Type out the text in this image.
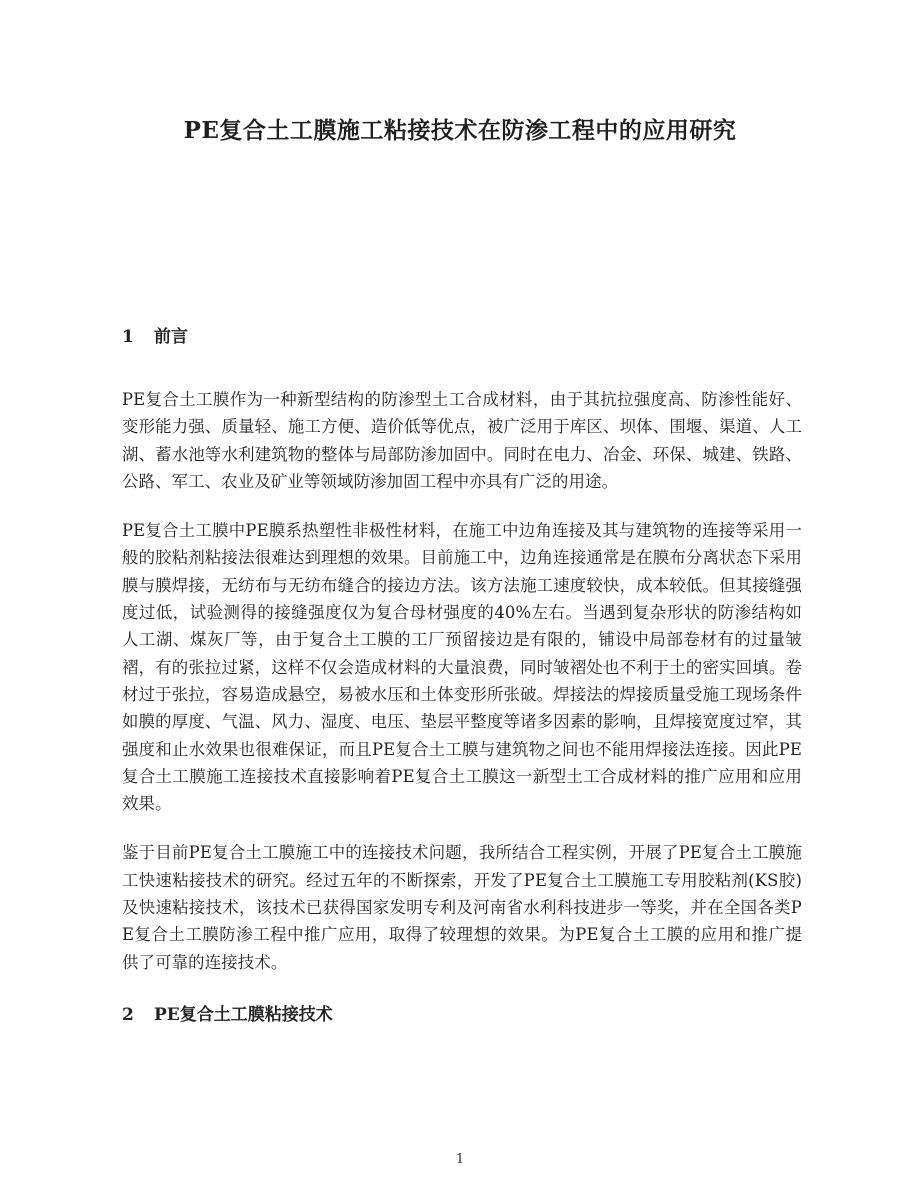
PE复合土工膜施工粘接技术在防渗工程中的应用研究
1 前言

PE复合土工膜作为一种新型结构的防渗型土工合成材料，由于其抗拉强度高、防渗性能好、变形能力强、质量轻、施工方便、造价低等优点，被广泛用于库区、坝体、围堰、渠道、人工湖、蓄水池等水利建筑物的整体与局部防渗加固中。同时在电力、冶金、环保、城建、铁路、公路、军工、农业及矿业等领域防渗加固工程中亦具有广泛的用途。

PE复合土工膜中PE膜系热塑性非极性材料，在施工中边角连接及其与建筑物的连接等采用一般的胶粘剂粘接法很难达到理想的效果。目前施工中，边角连接通常是在膜布分离状态下采用膜与膜焊接，无纺布与无纺布缝合的接边方法。该方法施工速度较快，成本较低。但其接缝强度过低，试验测得的接缝强度仅为复合母材强度的40%左右。当遇到复杂形状的防渗结构如人工湖、煤灰厂等，由于复合土工膜的工厂预留接边是有限的，铺设中局部卷材有的过量皱褶，有的张拉过紧，这样不仅会造成材料的大量浪费，同时皱褶处也不利于土的密实回填。卷材过于张拉，容易造成悬空，易被水压和土体变形所张破。焊接法的焊接质量受施工现场条件如膜的厚度、气温、风力、湿度、电压、垫层平整度等诸多因素的影响，且焊接宽度过窄，其强度和止水效果也很难保证，而且PE复合土工膜与建筑物之间也不能用焊接法连接。因此PE复合土工膜施工连接技术直接影响着PE复合土工膜这一新型土工合成材料的推广应用和应用效果。

鉴于目前PE复合土工膜施工中的连接技术问题，我所结合工程实例，开展了PE复合土工膜施工快速粘接技术的研究。经过五年的不断探索，开发了PE复合土工膜施工专用胶粘剂(KS胶)及快速粘接技术，该技术已获得国家发明专利及河南省水利科技进步一等奖，并在全国各类PE复合土工膜防渗工程中推广应用，取得了较理想的效果。为PE复合土工膜的应用和推广提供了可靠的连接技术。

2 PE复合土工膜粘接技术
1
